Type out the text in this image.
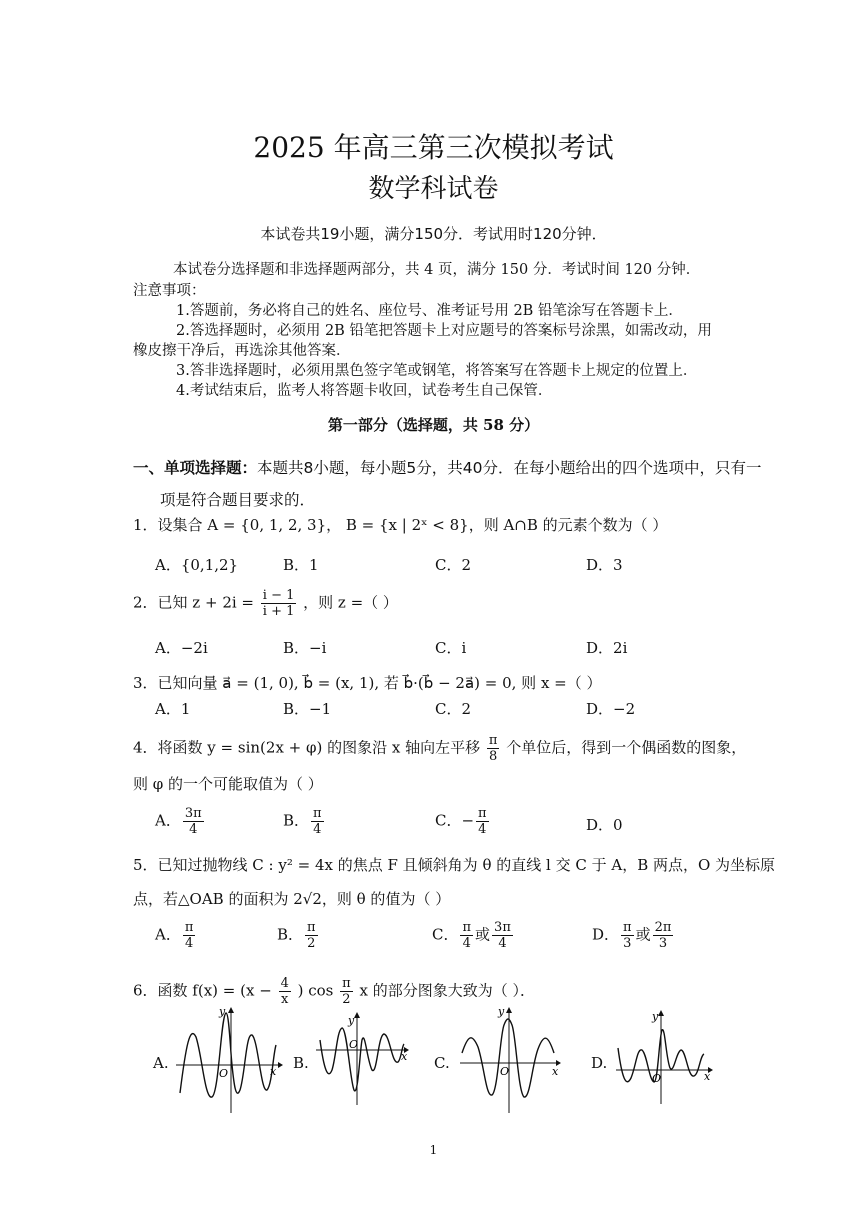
2025 年高三第三次模拟考试
数学科试卷
本试卷共19小题，满分150分．考试用时120分钟．
本试卷分选择题和非选择题两部分，共 4 页，满分 150 分．考试时间 120 分钟．
注意事项：
1.答题前，务必将自己的姓名、座位号、准考证号用 2B 铅笔涂写在答题卡上．
2.答选择题时，必须用 2B 铅笔把答题卡上对应题号的答案标号涂黑，如需改动，用
橡皮擦干净后，再选涂其他答案．
3.答非选择题时，必须用黑色签字笔或钢笔，将答案写在答题卡上规定的位置上．
4.考试结束后，监考人将答题卡收回，试卷考生自己保管．
第一部分（选择题，共 58 分）
一、单项选择题：本题共8小题，每小题5分，共40分．在每小题给出的四个选项中，只有一
项是符合题目要求的．
1．设集合 A = {0, 1, 2, 3}， B = {x | 2ˣ < 8}，则 A∩B 的元素个数为（ ）
A．{0,1,2}	B．1	C．2	D．3
2．已知 $z + 2i = \frac{i - 1}{i + 1}$ ，则 z =（ ）
A．−2i	B．−i	C．i	D．2i
3．已知向量 a⃗ = (1, 0), b⃗ = (x, 1), 若 b⃗·(b⃗ − 2a⃗) = 0, 则 x =（ ）
A．1	B．−1	C．2	D．−2
4．将函数 y = sin(2x + φ) 的图象沿 x 轴向左平移 $\frac{\pi}{8}$ 个单位后，得到一个偶函数的图象，
则 φ 的一个可能取值为（ ）
A． $\frac{3\pi}{4}$	B． $\frac{\pi}{4}$	C．− $\frac{\pi}{4}$	D．0
5．已知过抛物线 C : y² = 4x 的焦点 F 且倾斜角为 θ 的直线 l 交 C 于 A，B 两点，O 为坐标原
点，若△OAB 的面积为 2√2，则 θ 的值为（ ）
A． $\frac{\pi}{4}$	B． $\frac{\pi}{2}$	C． $\frac{\pi}{4}$ 或 $\frac{3\pi}{4}$	D． $\frac{\pi}{3}$ 或 $\frac{2\pi}{3}$
6．函数 $f(x) = (x - \frac{4}{x}$ ) $\cos \frac{\pi}{2}$ x 的部分图象大致为（ ）．
A.	B.	C.	D.
x
y
O
x
y
O
x
y
O	x
y
O
1
